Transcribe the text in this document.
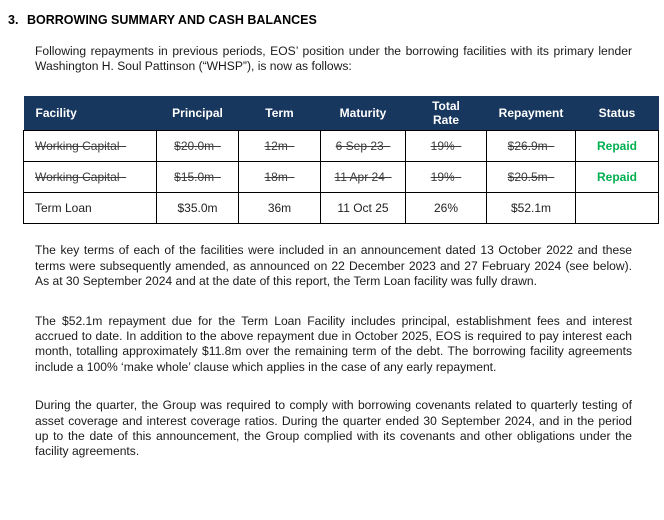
3. BORROWING SUMMARY AND CASH BALANCES

Following repayments in previous periods, EOS’ position under the borrowing facilities with its primary lender Washington H. Soul Pattinson (“WHSP”), is now as follows:

Facility	Principal	Term	Maturity	Total Rate	Repayment	Status
Working Capital	$20.0m	12m	6 Sep 23	19%	$26.9m	Repaid
Working Capital	$15.0m	18m	11 Apr 24	19%	$20.5m	Repaid
Term Loan	$35.0m	36m	11 Oct 25	26%	$52.1m	

The key terms of each of the facilities were included in an announcement dated 13 October 2022 and these terms were subsequently amended, as announced on 22 December 2023 and 27 February 2024 (see below). As at 30 September 2024 and at the date of this report, the Term Loan facility was fully drawn.

The $52.1m repayment due for the Term Loan Facility includes principal, establishment fees and interest accrued to date. In addition to the above repayment due in October 2025, EOS is required to pay interest each month, totalling approximately $11.8m over the remaining term of the debt. The borrowing facility agreements include a 100% ‘make whole’ clause which applies in the case of any early repayment.

During the quarter, the Group was required to comply with borrowing covenants related to quarterly testing of asset coverage and interest coverage ratios. During the quarter ended 30 September 2024, and in the period up to the date of this announcement, the Group complied with its covenants and other obligations under the facility agreements.
